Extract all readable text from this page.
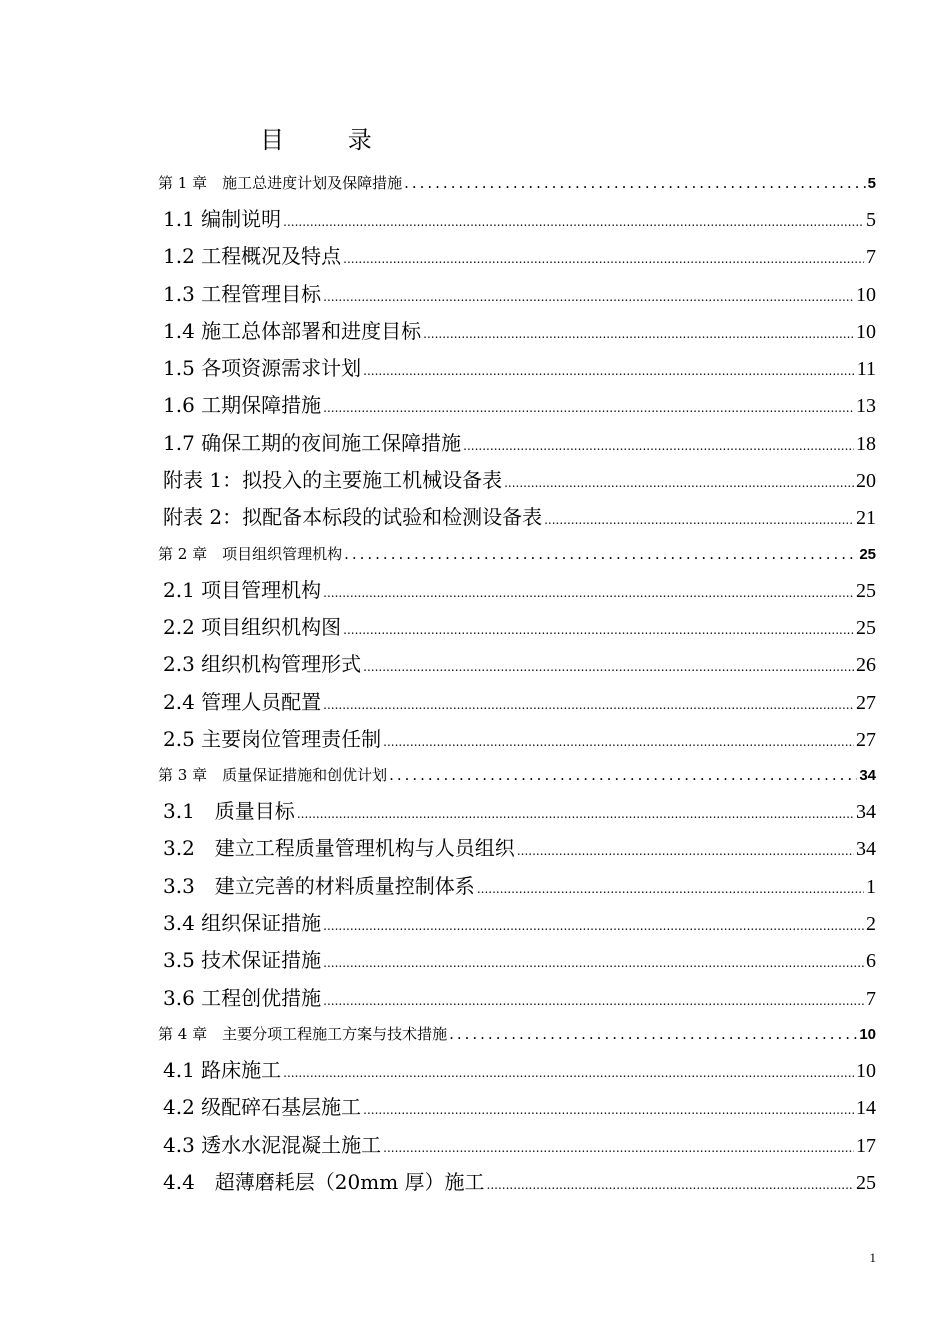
目 录
第 1 章　施工总进度计划及保障措施 .....	5
1.1 编制说明 .....	5
1.2 工程概况及特点 .....	7
1.3 工程管理目标 .....	10
1.4 施工总体部署和进度目标 .....	10
1.5 各项资源需求计划 .....	11
1.6 工期保障措施 .....	13
1.7 确保工期的夜间施工保障措施 .....	18
附表 1：拟投入的主要施工机械设备表 .....	20
附表 2：拟配备本标段的试验和检测设备表 .....	21
第 2 章　项目组织管理机构 .....	25
2.1 项目管理机构 .....	25
2.2 项目组织机构图 .....	25
2.3 组织机构管理形式 .....	26
2.4 管理人员配置 .....	27
2.5 主要岗位管理责任制 .....	27
第 3 章　质量保证措施和创优计划 .....	34
3.1　质量目标 .....	34
3.2　建立工程质量管理机构与人员组织 .....	34
3.3　建立完善的材料质量控制体系 .....	1
3.4 组织保证措施 .....	2
3.5 技术保证措施 .....	6
3.6 工程创优措施 .....	7
第 4 章　主要分项工程施工方案与技术措施 .....	10
4.1 路床施工 .....	10
4.2 级配碎石基层施工 .....	14
4.3 透水水泥混凝土施工 .....	17
4.4　超薄磨耗层（20mm 厚）施工 .....	25
1
